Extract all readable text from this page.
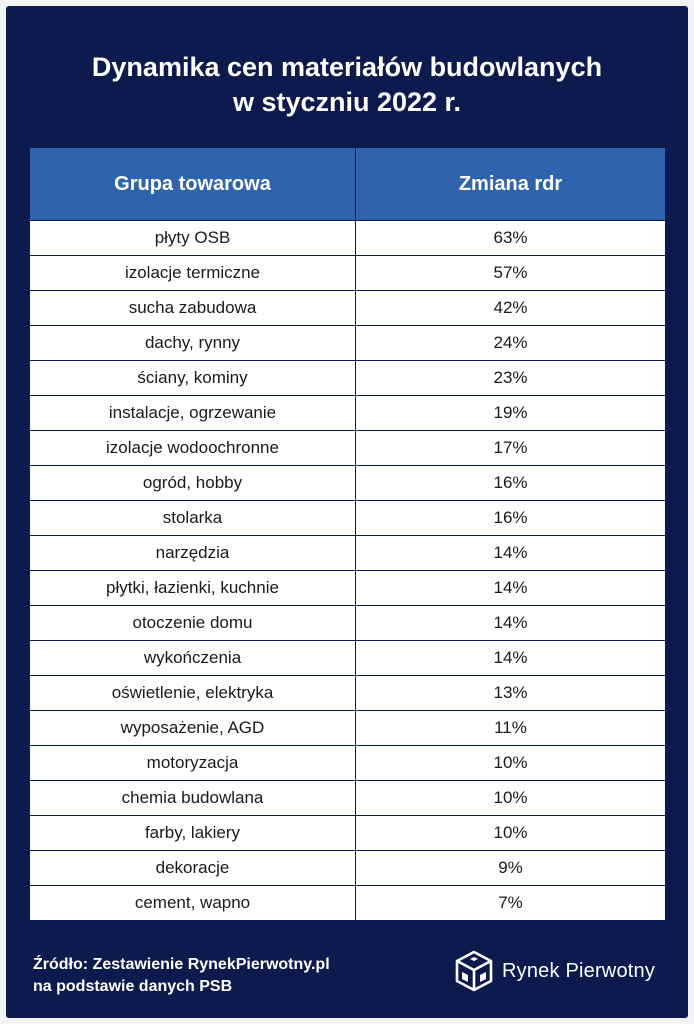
Dynamika cen materiałów budowlanych
w styczniu 2022 r.
Grupa towarowa	Zmiana rdr
płyty OSB	63%
izolacje termiczne	57%
sucha zabudowa	42%
dachy, rynny	24%
ściany, kominy	23%
instalacje, ogrzewanie	19%
izolacje wodoochronne	17%
ogród, hobby	16%
stolarka	16%
narzędzia	14%
płytki, łazienki, kuchnie	14%
otoczenie domu	14%
wykończenia	14%
oświetlenie, elektryka	13%
wyposażenie, AGD	11%
motoryzacja	10%
chemia budowlana	10%
farby, lakiery	10%
dekoracje	9%
cement, wapno	7%
Źródło: Zestawienie RynekPierwotny.pl
na podstawie danych PSB
Rynek Pierwotny
